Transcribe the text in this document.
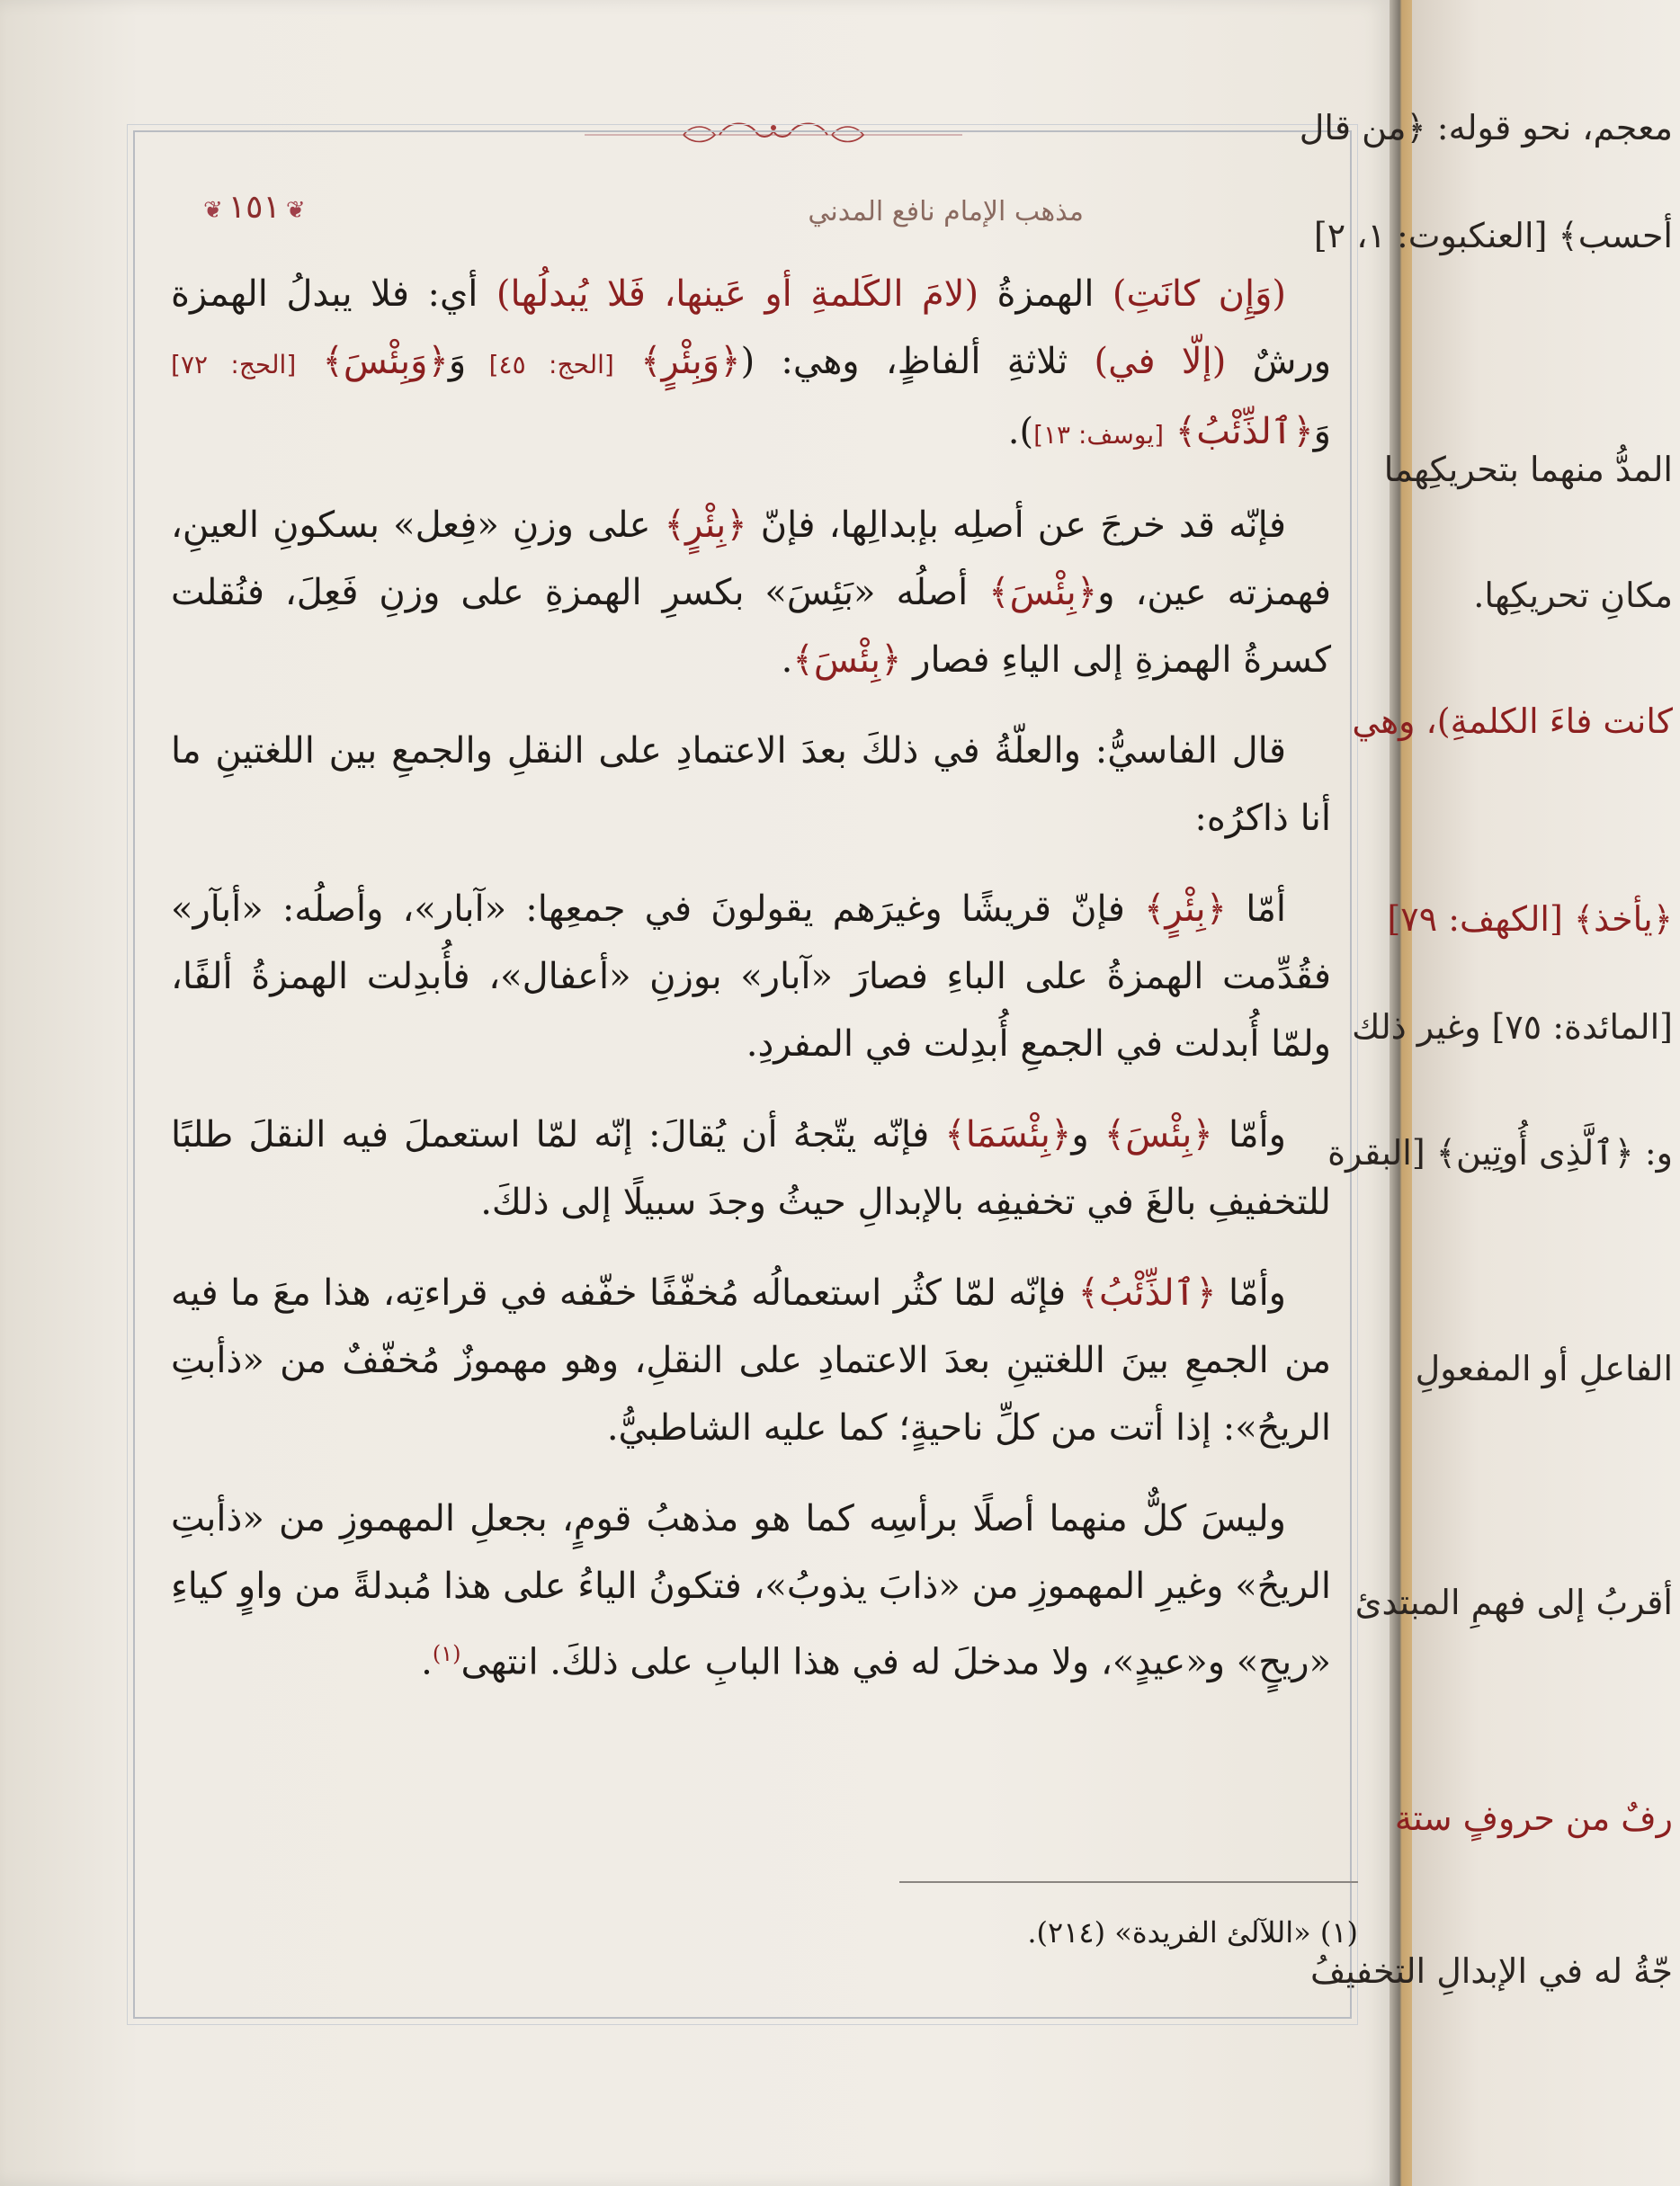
❦ ١٥١ ❦	مذهب الإمام نافع المدني

(وَإِن كانَتِ) الهمزةُ (لامَ الكَلمةِ أو عَينها، فَلا يُبدلُها) أي: فلا يبدلُ الهمزة ورشٌ (إلّا في) ثلاثةِ ألفاظٍ، وهي: (﴿وَبِئْرٍ﴾ [الحج: ٤٥] وَ﴿وَبِئْسَ﴾ [الحج: ٧٢] وَ﴿ٱلذِّئْبُ﴾ [يوسف: ١٣]).

فإنّه قد خرجَ عن أصلِه بإبدالِها، فإنّ ﴿بِئْرٍ﴾ على وزنِ «فِعل» بسكونِ العينِ، فهمزته عين، و﴿بِئْسَ﴾ أصلُه «بَئِسَ» بكسرِ الهمزةِ على وزنِ فَعِلَ، فنُقلت كسرةُ الهمزةِ إلى الياءِ فصار ﴿بِئْسَ﴾.

قال الفاسيُّ: والعلّةُ في ذلكَ بعدَ الاعتمادِ على النقلِ والجمعِ بين اللغتينِ ما أنا ذاكرُه:

أمّا ﴿بِئْرٍ﴾ فإنّ قريشًا وغيرَهم يقولونَ في جمعِها: «آبار»، وأصلُه: «أبآر» فقُدِّمت الهمزةُ على الباءِ فصارَ «آبار» بوزنِ «أعفال»، فأُبدِلت الهمزةُ ألفًا، ولمّا أُبدلت في الجمعِ أُبدِلت في المفردِ.

وأمّا ﴿بِئْسَ﴾ و﴿بِئْسَمَا﴾ فإنّه يتّجهُ أن يُقالَ: إنّه لمّا استعملَ فيه النقلَ طلبًا للتخفيفِ بالغَ في تخفيفِه بالإبدالِ حيثُ وجدَ سبيلًا إلى ذلكَ.

وأمّا ﴿ٱلذِّئْبُ﴾ فإنّه لمّا كثُر استعمالُه مُخفّفًا خفّفه في قراءتِه، هذا معَ ما فيه من الجمعِ بينَ اللغتينِ بعدَ الاعتمادِ على النقلِ، وهو مهموزٌ مُخفّفٌ من «ذأبتِ الريحُ»: إذا أتت من كلِّ ناحيةٍ؛ كما عليه الشاطبيُّ.

وليسَ كلٌّ منهما أصلًا برأسِه كما هو مذهبُ قومٍ، بجعلِ المهموزِ من «ذأبتِ الريحُ» وغيرِ المهموزِ من «ذابَ يذوبُ»، فتكونُ الياءُ على هذا مُبدلةً من واوٍ كياءِ «ريحٍ» و«عيدٍ»، ولا مدخلَ له في هذا البابِ على ذلكَ. انتهى$^{(١)}$.

(١) «اللآلئ الفريدة» (٢١٤).
معجم، نحو قوله: ﴿من قال
أحسب﴾ [العنكبوت: ١، ٢]
المدُّ منهما بتحريكِهما
مكانِ تحريكِها.
كانت فاءَ الكلمةِ)، وهي
﴿يأخذ﴾ [الكهف: ٧٩]
[المائدة: ٧٥] وغير ذلك
و: ﴿ٱلَّذِى أُوتِين﴾ [البقرة
الفاعلِ أو المفعولِ
أقربُ إلى فهمِ المبتدئ
رفٌ من حروفٍ ستة
جّةُ له في الإبدالِ التخفيفُ
